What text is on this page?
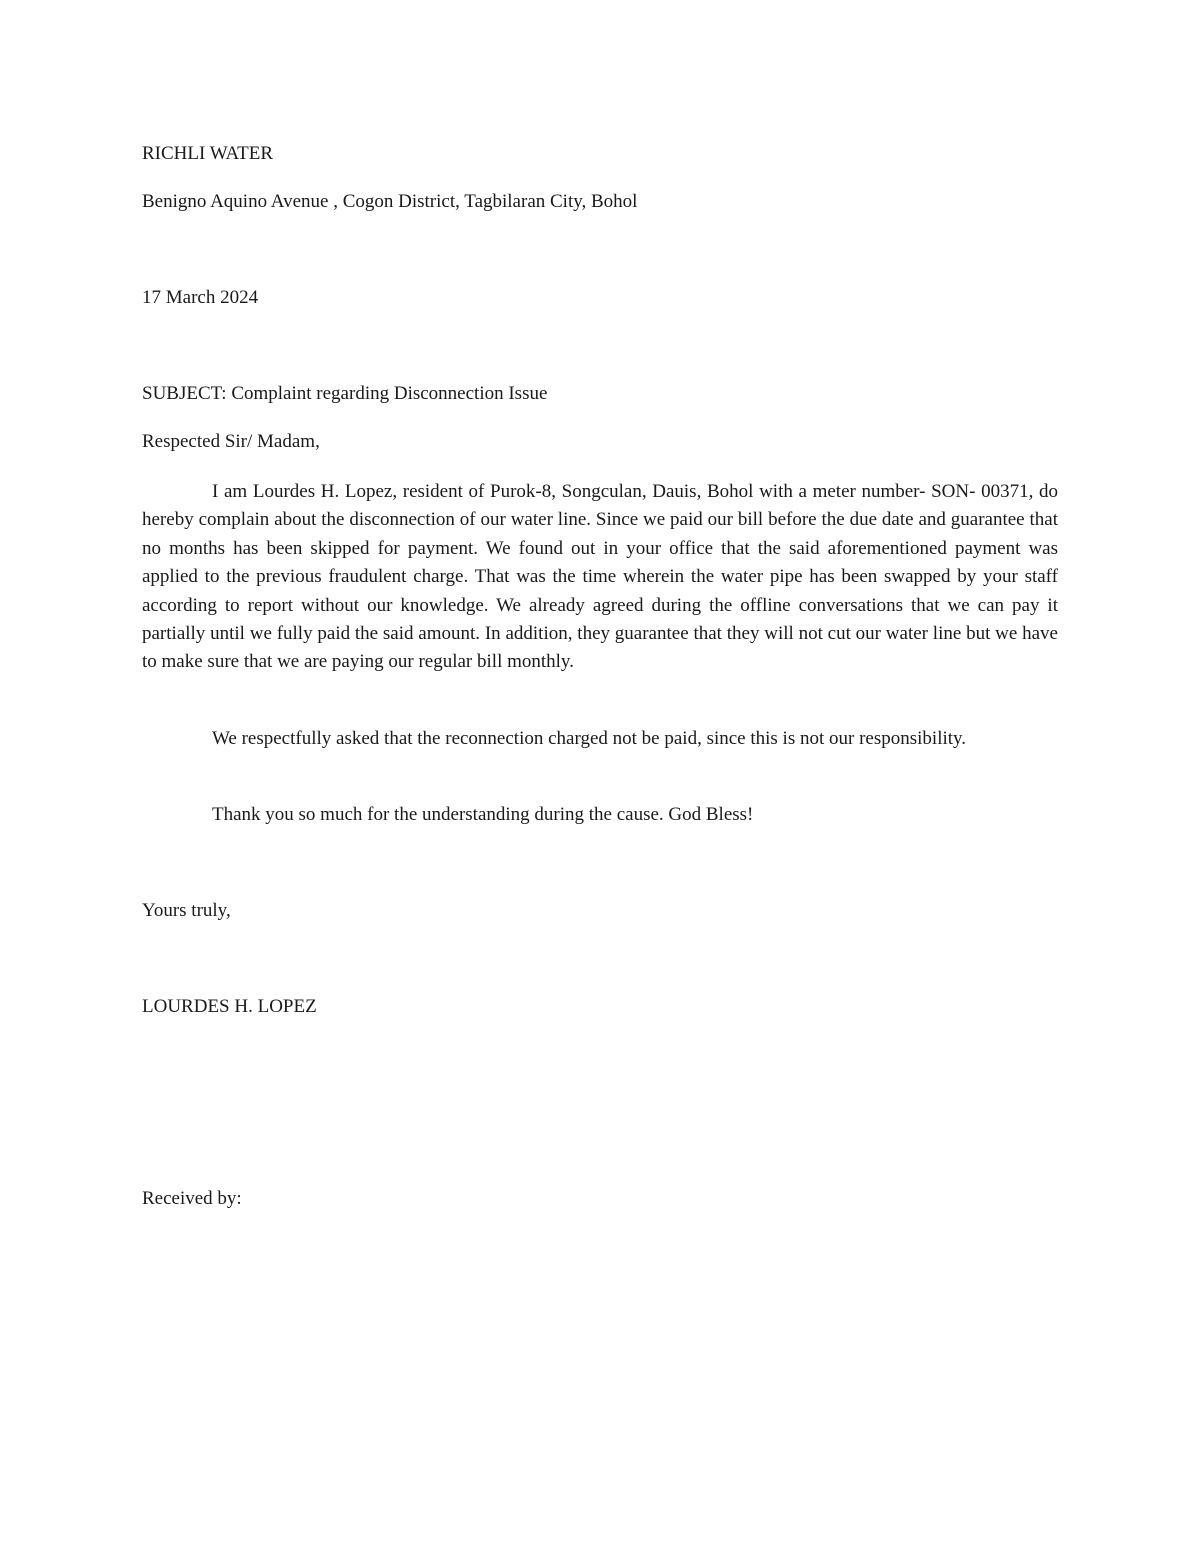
RICHLI WATER
Benigno Aquino Avenue , Cogon District, Tagbilaran City, Bohol
17 March 2024
SUBJECT: Complaint regarding Disconnection Issue
Respected Sir/ Madam,

I am Lourdes H. Lopez, resident of Purok-8, Songculan, Dauis, Bohol with a meter number- SON- 00371, do hereby complain about the disconnection of our water line. Since we paid our bill before the due date and guarantee that no months has been skipped for payment. We found out in your office that the said aforementioned payment was applied to the previous fraudulent charge. That was the time wherein the water pipe has been swapped by your staff according to report without our knowledge. We already agreed during the offline conversations that we can pay it partially until we fully paid the said amount. In addition, they guarantee that they will not cut our water line but we have to make sure that we are paying our regular bill monthly.

We respectfully asked that the reconnection charged not be paid, since this is not our responsibility.

Thank you so much for the understanding during the cause. God Bless!

Yours truly,
LOURDES H. LOPEZ
Received by:
